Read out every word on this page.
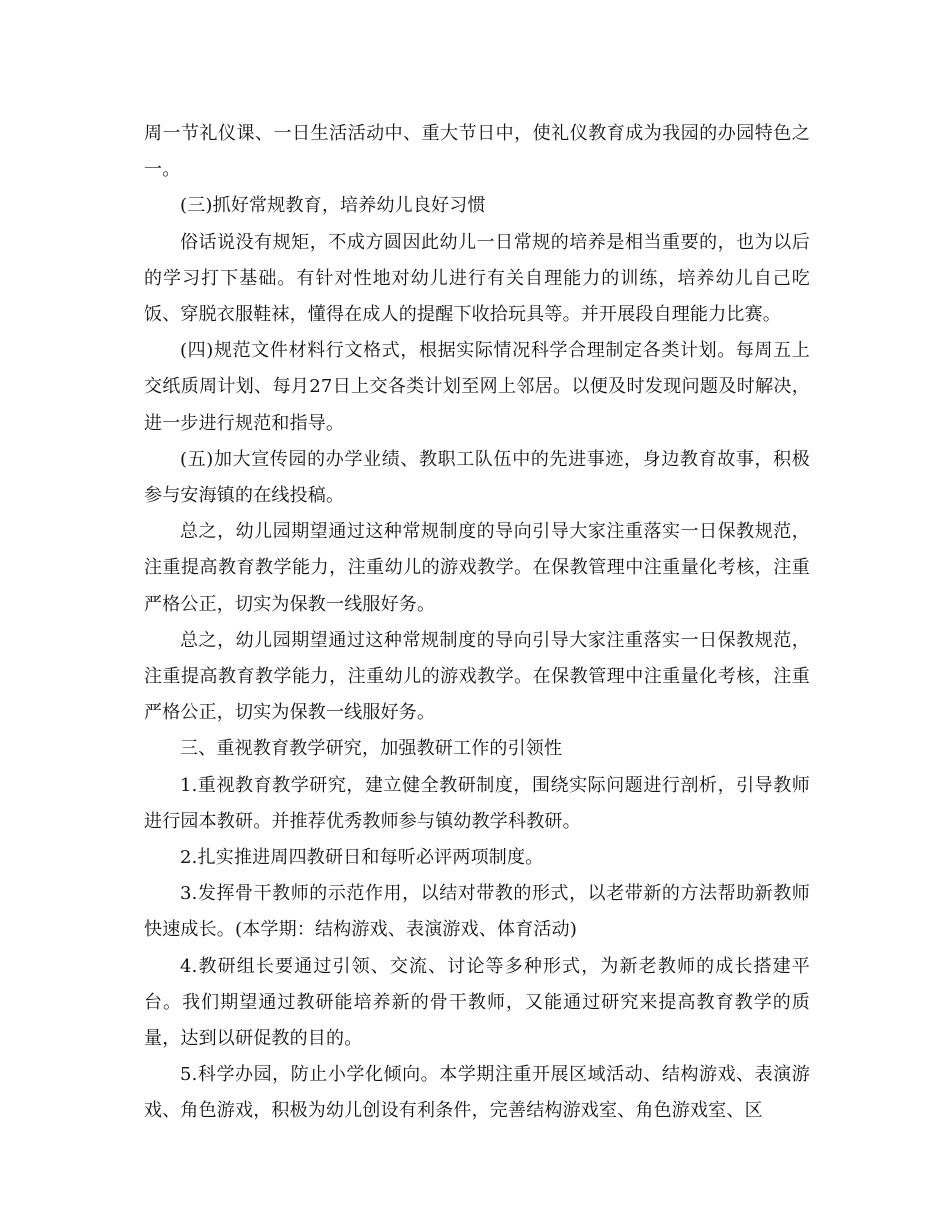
周一节礼仪课、一日生活活动中、重大节日中，使礼仪教育成为我园的办园特色之一。

(三)抓好常规教育，培养幼儿良好习惯

俗话说没有规矩，不成方圆因此幼儿一日常规的培养是相当重要的，也为以后的学习打下基础。有针对性地对幼儿进行有关自理能力的训练，培养幼儿自己吃饭、穿脱衣服鞋袜，懂得在成人的提醒下收拾玩具等。并开展段自理能力比赛。

(四)规范文件材料行文格式，根据实际情况科学合理制定各类计划。每周五上交纸质周计划、每月27日上交各类计划至网上邻居。以便及时发现问题及时解决，进一步进行规范和指导。

(五)加大宣传园的办学业绩、教职工队伍中的先进事迹，身边教育故事，积极参与安海镇的在线投稿。

总之，幼儿园期望通过这种常规制度的导向引导大家注重落实一日保教规范，注重提高教育教学能力，注重幼儿的游戏教学。在保教管理中注重量化考核，注重严格公正，切实为保教一线服好务。

总之，幼儿园期望通过这种常规制度的导向引导大家注重落实一日保教规范，注重提高教育教学能力，注重幼儿的游戏教学。在保教管理中注重量化考核，注重严格公正，切实为保教一线服好务。

三、重视教育教学研究，加强教研工作的引领性

1.重视教育教学研究，建立健全教研制度，围绕实际问题进行剖析，引导教师进行园本教研。并推荐优秀教师参与镇幼教学科教研。

2.扎实推进周四教研日和每听必评两项制度。

3.发挥骨干教师的示范作用，以结对带教的形式，以老带新的方法帮助新教师快速成长。(本学期：结构游戏、表演游戏、体育活动)

4.教研组长要通过引领、交流、讨论等多种形式，为新老教师的成长搭建平台。我们期望通过教研能培养新的骨干教师，又能通过研究来提高教育教学的质量，达到以研促教的目的。

5.科学办园，防止小学化倾向。本学期注重开展区域活动、结构游戏、表演游戏、角色游戏，积极为幼儿创设有利条件，完善结构游戏室、角色游戏室、区
